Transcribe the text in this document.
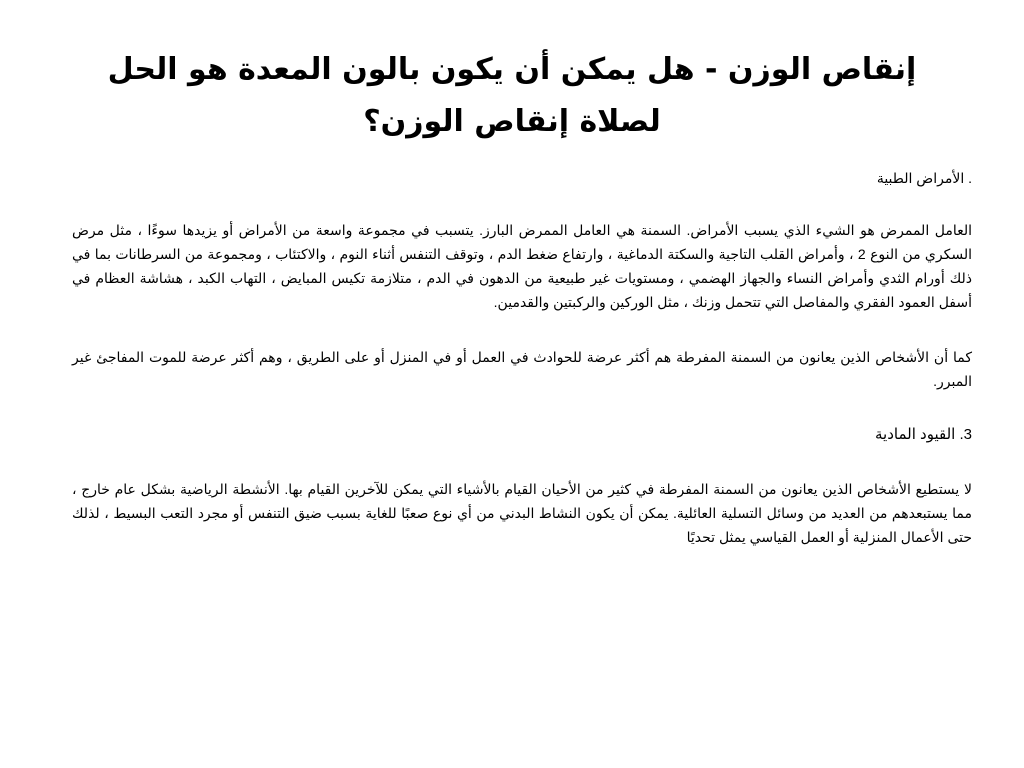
إنقاص الوزن - هل يمكن أن يكون بالون المعدة هو الحل
لصلاة إنقاص الوزن؟

. الأمراض الطبية

العامل الممرض هو الشيء الذي يسبب الأمراض. السمنة هي العامل الممرض البارز. يتسبب في مجموعة واسعة من الأمراض أو يزيدها سوءًا ، مثل مرض السكري من النوع 2 ، وأمراض القلب التاجية والسكتة الدماغية ، وارتفاع ضغط الدم ، وتوقف التنفس أثناء النوم ، والاكتئاب ، ومجموعة من السرطانات بما في ذلك أورام الثدي وأمراض النساء والجهاز الهضمي ، ومستويات غير طبيعية من الدهون في الدم ، متلازمة تكيس المبايض ، التهاب الكبد ، هشاشة العظام في أسفل العمود الفقري والمفاصل التي تتحمل وزنك ، مثل الوركين والركبتين والقدمين.

كما أن الأشخاص الذين يعانون من السمنة المفرطة هم أكثر عرضة للحوادث في العمل أو في المنزل أو على الطريق ، وهم أكثر عرضة للموت المفاجئ غير المبرر.

3. القيود المادية

لا يستطيع الأشخاص الذين يعانون من السمنة المفرطة في كثير من الأحيان القيام بالأشياء التي يمكن للآخرين القيام بها. الأنشطة الرياضية بشكل عام خارج ، مما يستبعدهم من العديد من وسائل التسلية العائلية. يمكن أن يكون النشاط البدني من أي نوع صعبًا للغاية بسبب ضيق التنفس أو مجرد التعب البسيط ، لذلك حتى الأعمال المنزلية أو العمل القياسي يمثل تحديًا
